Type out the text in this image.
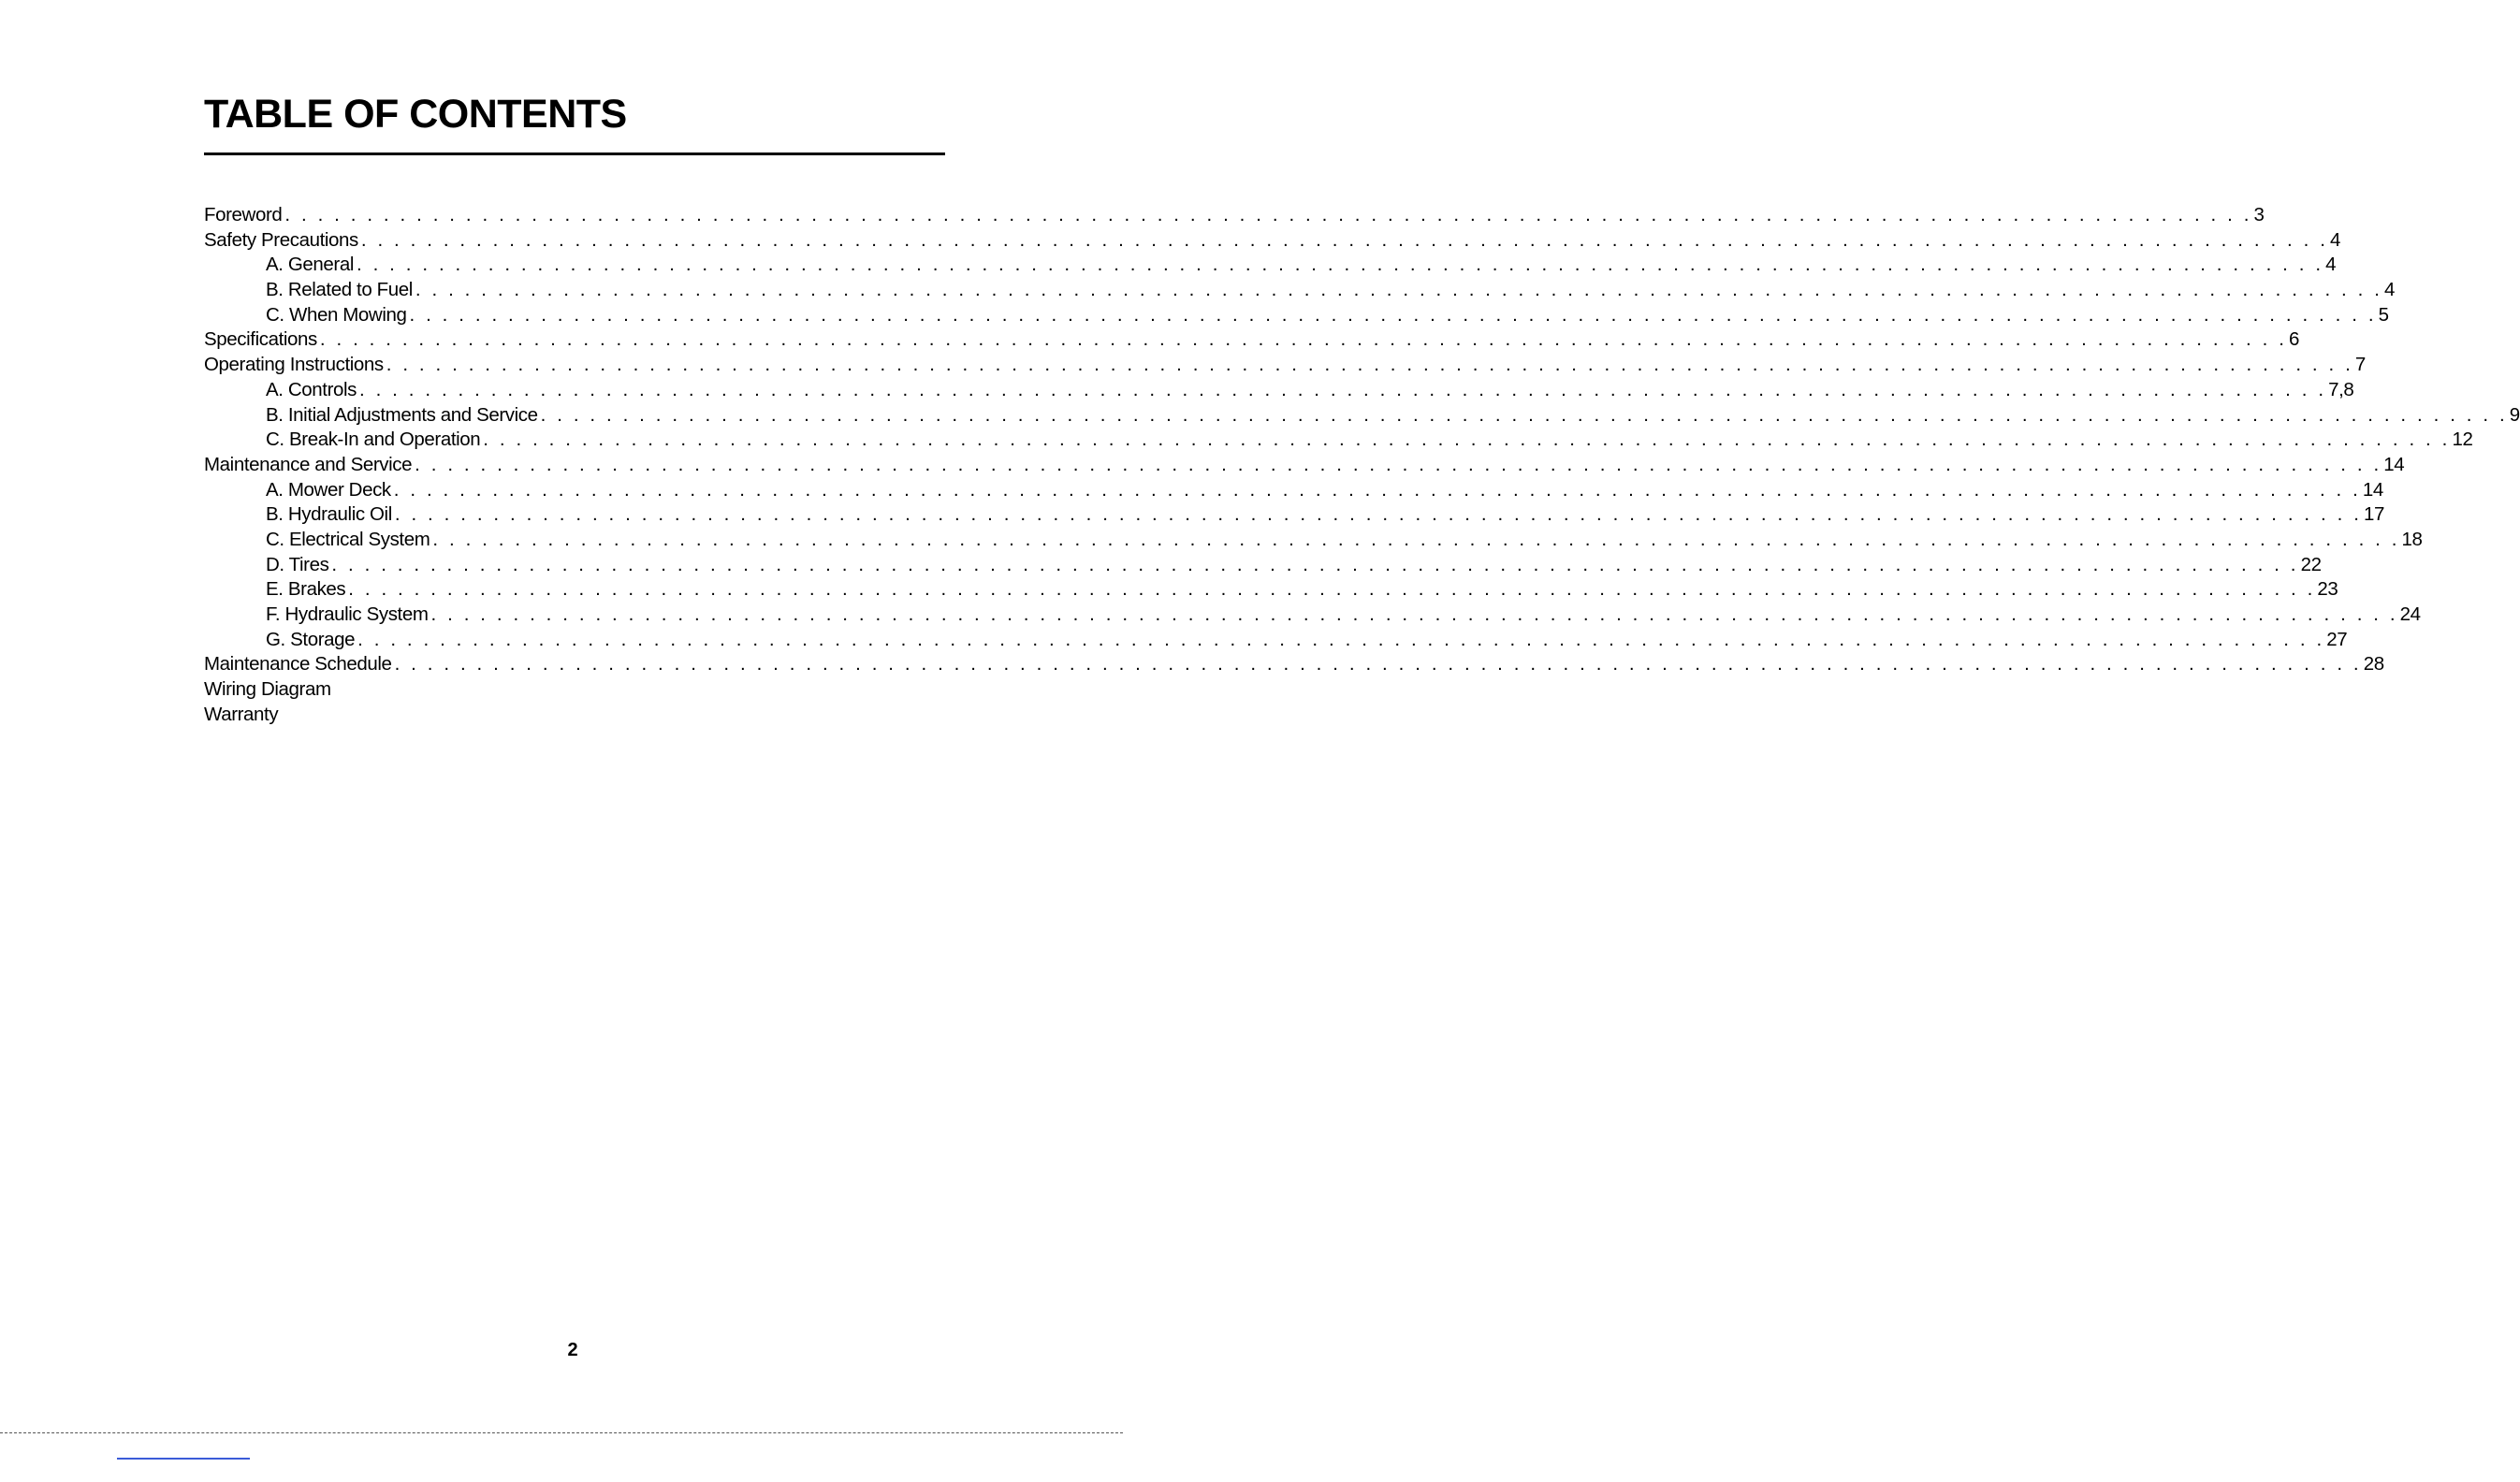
TABLE OF CONTENTS
Foreword . . . . . . . . . . . . . . . . . . . . . . . . . . . . . . . . . . . . . . . . . . . . . . . . . . . . . . . . . . . . . . . . . . . . . . . . . . . . . . . . . . . . . . . . . . . . . . . . . . . . . . . . . . . . . . . . . . . . . . . . 3
Safety Precautions . . . . . . . . . . . . . . . . . . . . . . . . . . . . . . . . . . . . . . . . . . . . . . . . . . . . . . . . . . . . . . . . . . . . . . . . . . . . . . . . . . . . . . . . . . . . . . . . . . . . . . . . . . . . . . . . . . . . . . . . 4
A. General . . . . . . . . . . . . . . . . . . . . . . . . . . . . . . . . . . . . . . . . . . . . . . . . . . . . . . . . . . . . . . . . . . . . . . . . . . . . . . . . . . . . . . . . . . . . . . . . . . . . . . . . . . . . . . . . . . . . . . . . 4
B. Related to Fuel . . . . . . . . . . . . . . . . . . . . . . . . . . . . . . . . . . . . . . . . . . . . . . . . . . . . . . . . . . . . . . . . . . . . . . . . . . . . . . . . . . . . . . . . . . . . . . . . . . . . . . . . . . . . . . . . . . . . . . . . 4
C. When Mowing . . . . . . . . . . . . . . . . . . . . . . . . . . . . . . . . . . . . . . . . . . . . . . . . . . . . . . . . . . . . . . . . . . . . . . . . . . . . . . . . . . . . . . . . . . . . . . . . . . . . . . . . . . . . . . . . . . . . . . . . 5
Specifications . . . . . . . . . . . . . . . . . . . . . . . . . . . . . . . . . . . . . . . . . . . . . . . . . . . . . . . . . . . . . . . . . . . . . . . . . . . . . . . . . . . . . . . . . . . . . . . . . . . . . . . . . . . . . . . . . . . . . . . . 6
Operating Instructions . . . . . . . . . . . . . . . . . . . . . . . . . . . . . . . . . . . . . . . . . . . . . . . . . . . . . . . . . . . . . . . . . . . . . . . . . . . . . . . . . . . . . . . . . . . . . . . . . . . . . . . . . . . . . . . . . . . . . . . . 7
A. Controls . . . . . . . . . . . . . . . . . . . . . . . . . . . . . . . . . . . . . . . . . . . . . . . . . . . . . . . . . . . . . . . . . . . . . . . . . . . . . . . . . . . . . . . . . . . . . . . . . . . . . . . . . . . . . . . . . . . . . . . . 7,8
B. Initial Adjustments and Service . . . . . . . . . . . . . . . . . . . . . . . . . . . . . . . . . . . . . . . . . . . . . . . . . . . . . . . . . . . . . . . . . . . . . . . . . . . . . . . . . . . . . . . . . . . . . . . . . . . . . . . . . . . . . . . . . . . . . . . . 9
C. Break-In and Operation . . . . . . . . . . . . . . . . . . . . . . . . . . . . . . . . . . . . . . . . . . . . . . . . . . . . . . . . . . . . . . . . . . . . . . . . . . . . . . . . . . . . . . . . . . . . . . . . . . . . . . . . . . . . . . . . . . . . . . . . 12
Maintenance and Service . . . . . . . . . . . . . . . . . . . . . . . . . . . . . . . . . . . . . . . . . . . . . . . . . . . . . . . . . . . . . . . . . . . . . . . . . . . . . . . . . . . . . . . . . . . . . . . . . . . . . . . . . . . . . . . . . . . . . . . . 14
A. Mower Deck . . . . . . . . . . . . . . . . . . . . . . . . . . . . . . . . . . . . . . . . . . . . . . . . . . . . . . . . . . . . . . . . . . . . . . . . . . . . . . . . . . . . . . . . . . . . . . . . . . . . . . . . . . . . . . . . . . . . . . . . 14
B. Hydraulic Oil . . . . . . . . . . . . . . . . . . . . . . . . . . . . . . . . . . . . . . . . . . . . . . . . . . . . . . . . . . . . . . . . . . . . . . . . . . . . . . . . . . . . . . . . . . . . . . . . . . . . . . . . . . . . . . . . . . . . . . . . 17
C. Electrical System . . . . . . . . . . . . . . . . . . . . . . . . . . . . . . . . . . . . . . . . . . . . . . . . . . . . . . . . . . . . . . . . . . . . . . . . . . . . . . . . . . . . . . . . . . . . . . . . . . . . . . . . . . . . . . . . . . . . . . . . 18
D. Tires . . . . . . . . . . . . . . . . . . . . . . . . . . . . . . . . . . . . . . . . . . . . . . . . . . . . . . . . . . . . . . . . . . . . . . . . . . . . . . . . . . . . . . . . . . . . . . . . . . . . . . . . . . . . . . . . . . . . . . . . 22
E. Brakes . . . . . . . . . . . . . . . . . . . . . . . . . . . . . . . . . . . . . . . . . . . . . . . . . . . . . . . . . . . . . . . . . . . . . . . . . . . . . . . . . . . . . . . . . . . . . . . . . . . . . . . . . . . . . . . . . . . . . . . . 23
F. Hydraulic System . . . . . . . . . . . . . . . . . . . . . . . . . . . . . . . . . . . . . . . . . . . . . . . . . . . . . . . . . . . . . . . . . . . . . . . . . . . . . . . . . . . . . . . . . . . . . . . . . . . . . . . . . . . . . . . . . . . . . . . . 24
G. Storage . . . . . . . . . . . . . . . . . . . . . . . . . . . . . . . . . . . . . . . . . . . . . . . . . . . . . . . . . . . . . . . . . . . . . . . . . . . . . . . . . . . . . . . . . . . . . . . . . . . . . . . . . . . . . . . . . . . . . . . . 27
Maintenance Schedule . . . . . . . . . . . . . . . . . . . . . . . . . . . . . . . . . . . . . . . . . . . . . . . . . . . . . . . . . . . . . . . . . . . . . . . . . . . . . . . . . . . . . . . . . . . . . . . . . . . . . . . . . . . . . . . . . . . . . . . . 28
Wiring Diagram
Warranty

2
